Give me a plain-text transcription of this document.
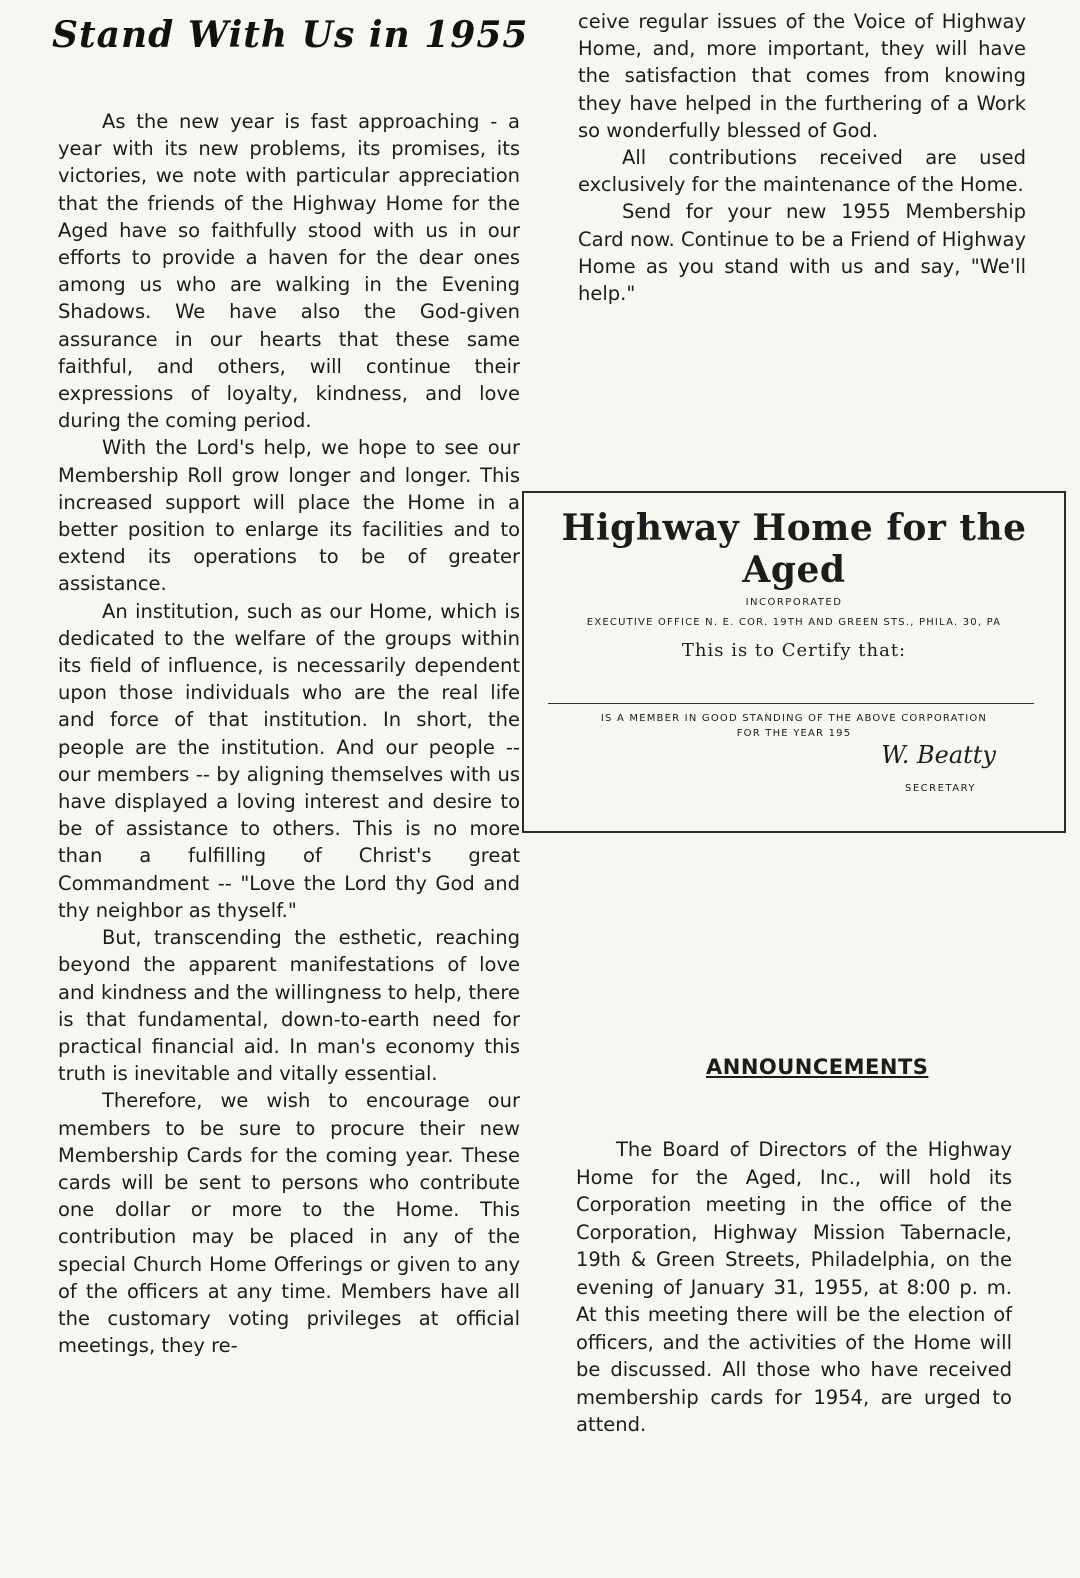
Stand With Us in 1955

As the new year is fast approaching - a year with its new problems, its promises, its victories, we note with particular appreciation that the friends of the Highway Home for the Aged have so faithfully stood with us in our efforts to provide a haven for the dear ones among us who are walking in the Evening Shadows. We have also the God-given assurance in our hearts that these same faithful, and others, will continue their expressions of loyalty, kindness, and love during the coming period.

With the Lord's help, we hope to see our Membership Roll grow longer and longer. This increased support will place the Home in a better position to enlarge its facilities and to extend its operations to be of greater assistance.

An institution, such as our Home, which is dedicated to the welfare of the groups within its field of influence, is necessarily dependent upon those individuals who are the real life and force of that institution. In short, the people are the institution. And our people -- our members -- by aligning themselves with us have displayed a loving interest and desire to be of assistance to others. This is no more than a fulfilling of Christ's great Commandment -- "Love the Lord thy God and thy neighbor as thyself."

But, transcending the esthetic, reaching beyond the apparent manifestations of love and kindness and the willingness to help, there is that fundamental, down-to-earth need for practical financial aid. In man's economy this truth is inevitable and vitally essential.

Therefore, we wish to encourage our members to be sure to procure their new Membership Cards for the coming year. These cards will be sent to persons who contribute one dollar or more to the Home. This contribution may be placed in any of the special Church Home Offerings or given to any of the officers at any time. Members have all the customary voting privileges at official meetings, they re-

ceive regular issues of the Voice of Highway Home, and, more important, they will have the satisfaction that comes from knowing they have helped in the furthering of a Work so wonderfully blessed of God.

All contributions received are used exclusively for the maintenance of the Home.

Send for your new 1955 Membership Card now. Continue to be a Friend of Highway Home as you stand with us and say, "We'll help."

Highway Home for the Aged
INCORPORATED
EXECUTIVE OFFICE N. E. COR. 19TH AND GREEN STS., PHILA. 30, PA
This is to Certify that:
IS A MEMBER IN GOOD STANDING OF THE ABOVE CORPORATION
FOR THE YEAR 195
W. Beatty
SECRETARY
ANNOUNCEMENTS

The Board of Directors of the Highway Home for the Aged, Inc., will hold its Corporation meeting in the office of the Corporation, Highway Mission Tabernacle, 19th & Green Streets, Philadelphia, on the evening of January 31, 1955, at 8:00 p. m. At this meeting there will be the election of officers, and the activities of the Home will be discussed. All those who have received membership cards for 1954, are urged to attend.
